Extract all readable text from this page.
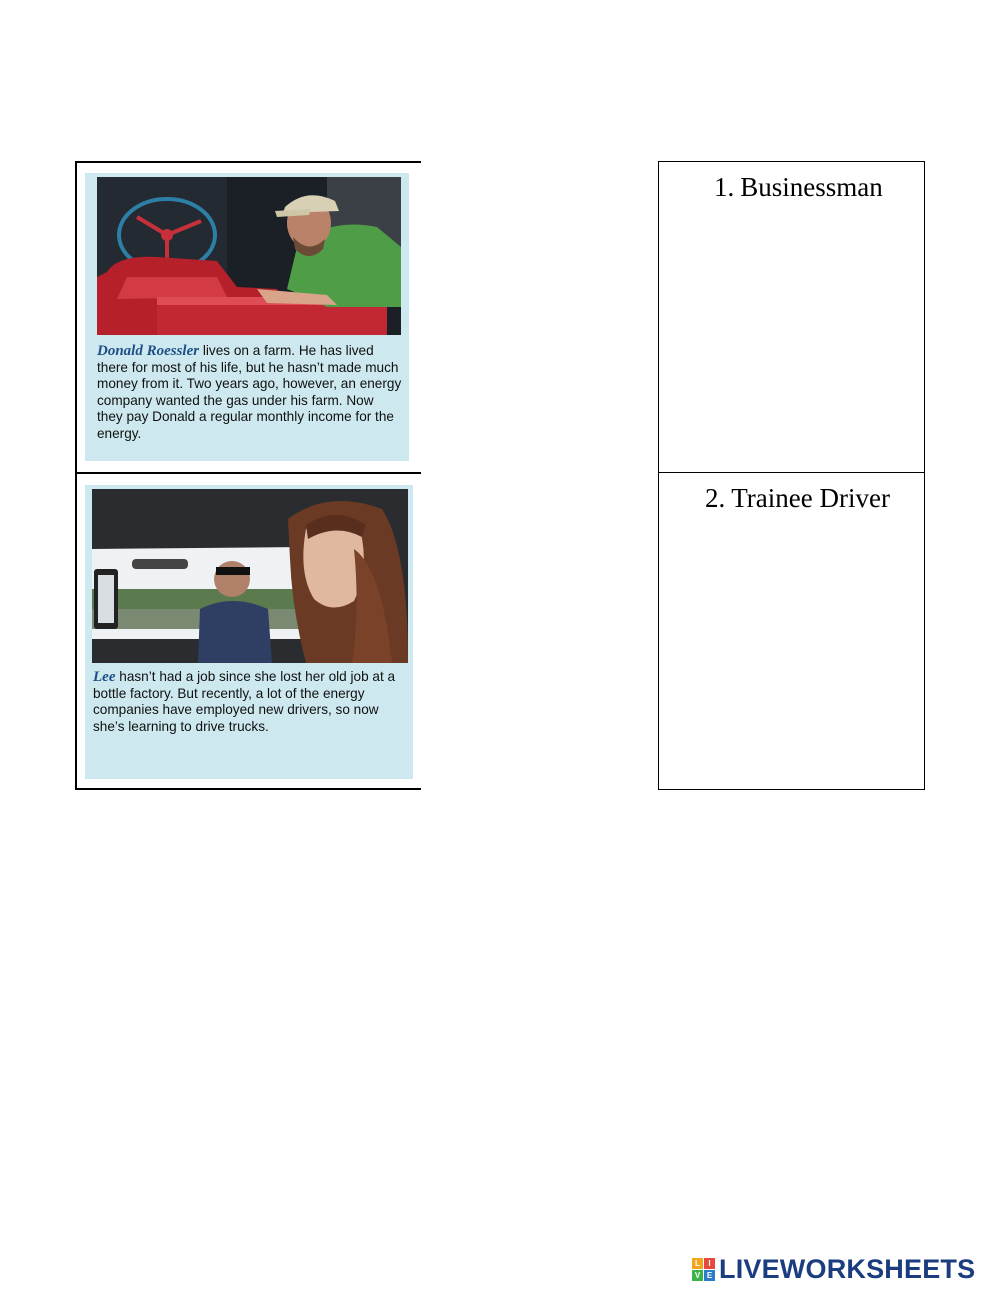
Donald Roessler lives on a farm. He has lived there for most of his life, but he hasn’t made much money from it. Two years ago, however, an energy company wanted the gas under his farm. Now they pay Donald a regular monthly income for the energy.
Lee hasn’t had a job since she lost her old job at a bottle factory. But recently, a lot of the energy companies have employed new drivers, so now she’s learning to drive trucks.
1. Businessman
2. Trainee Driver
L	I
V E LIVEWORKSHEETS
